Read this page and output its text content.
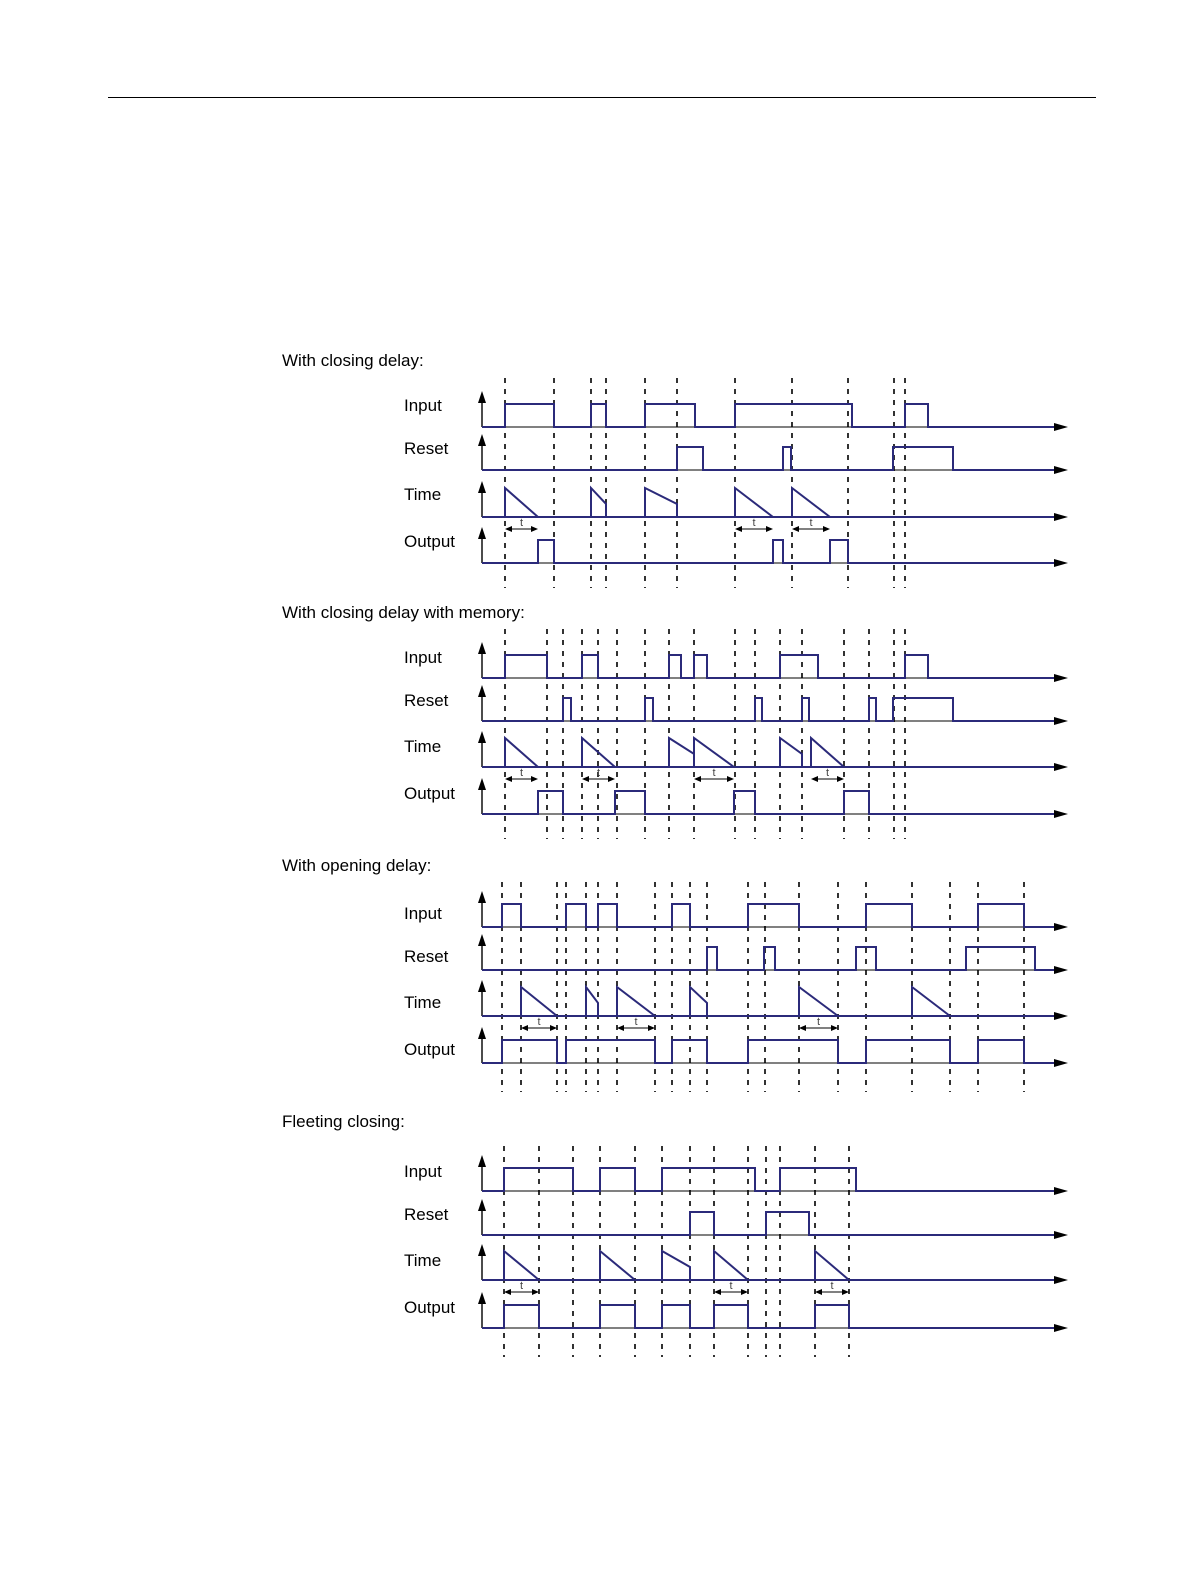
With closing delay:
Input
Reset
Time
Output
With closing delay with memory:
Input
Reset
Time
Output
With opening delay:
Input
Reset
Time
Output
Fleeting closing:
Input
Reset
Time
Output
t	t	t
t	t	t	t
t	t	t
t	t	t
